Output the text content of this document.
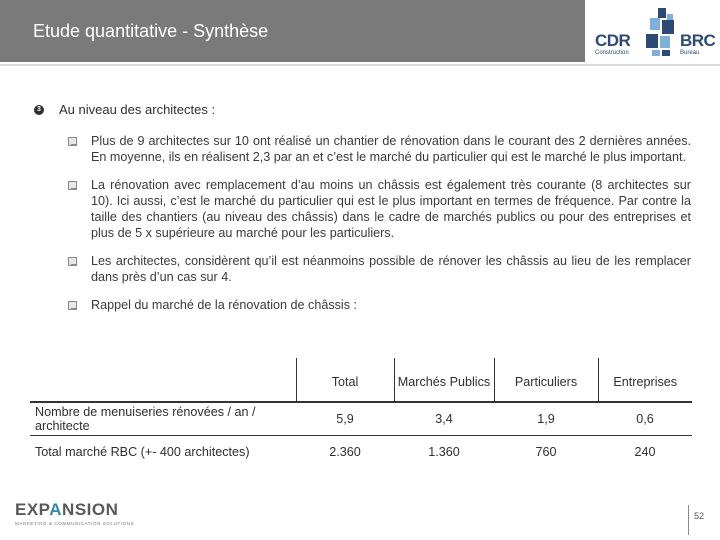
Etude quantitative - Synthèse	CDR
Construction
BRC
Bureau
3 Au niveau des architectes :
Plus de 9 architectes sur 10 ont réalisé un chantier de rénovation dans le courant des 2 dernières années. En moyenne, ils en réalisent 2,3 par an et c’est le marché du particulier qui est le marché le plus important.
La rénovation avec remplacement d’au moins un châssis est également très courante (8 architectes sur 10). Ici aussi, c’est le marché du particulier qui est le plus important en termes de fréquence. Par contre la taille des chantiers (au niveau des châssis) dans le cadre de marchés publics ou pour des entreprises et plus de 5 x supérieure au marché pour les particuliers.
Les architectes, considèrent qu’il est néanmoins possible de rénover les châssis au lieu de les remplacer dans près d’un cas sur 4.
Rappel du marché de la rénovation de châssis :
	Total	Marchés Publics	Particuliers	Entreprises
Nombre de menuiseries rénovées / an / architecte	5,9	3,4	1,9	0,6
Total marché RBC (+- 400 architectes)	2.360	1.360	760	240
EXPANSION
MARKETING & COMMUNICATION SOLUTIONS
52
